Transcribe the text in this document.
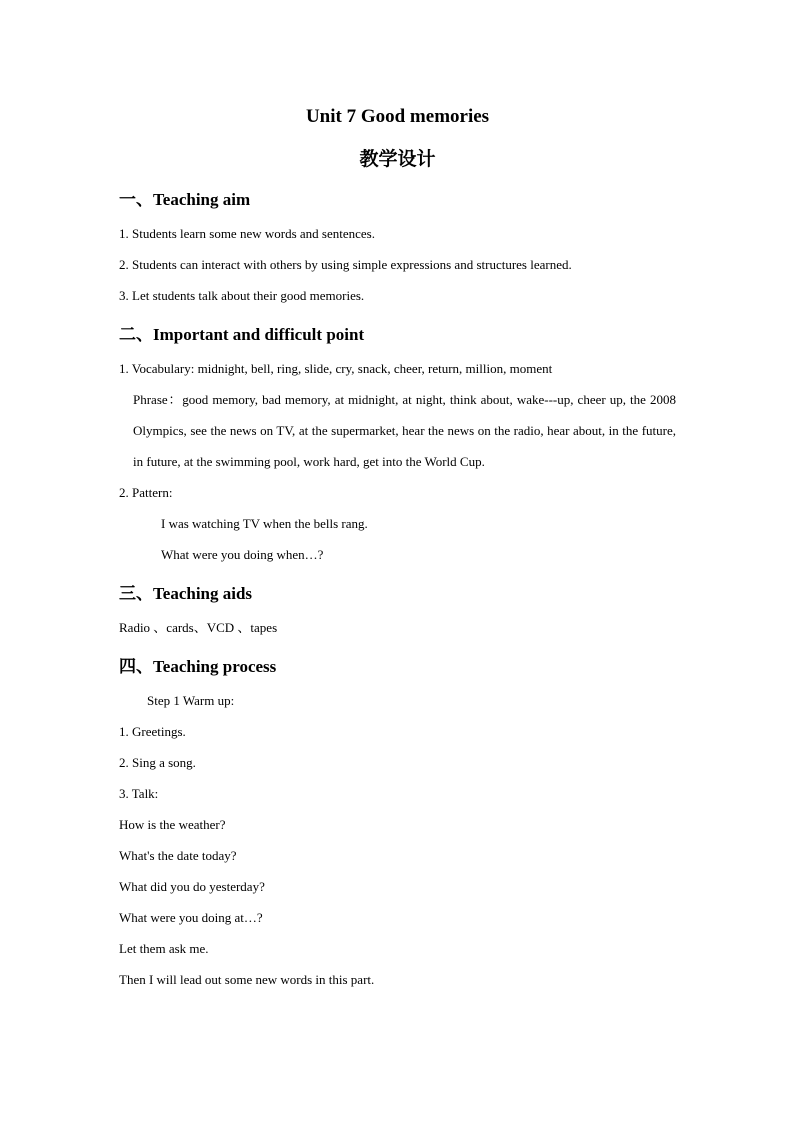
Unit 7 Good memories

教学设计

一、Teaching aim

1. Students learn some new words and sentences.

2. Students can interact with others by using simple expressions and structures learned.

3. Let students talk about their good memories.

二、Important and difficult point

1. Vocabulary: midnight, bell, ring, slide, cry, snack, cheer, return, million, moment

Phrase：good memory, bad memory, at midnight, at night, think about, wake---up, cheer up, the 2008 Olympics, see the news on TV, at the supermarket, hear the news on the radio, hear about, in the future, in future, at the swimming pool, work hard, get into the World Cup.

2. Pattern:

I was watching TV when the bells rang.

What were you doing when…?

三、Teaching aids

Radio 、cards、VCD 、tapes

四、Teaching process

Step 1 Warm up:

1. Greetings.

2. Sing a song.

3. Talk:

How is the weather?

What's the date today?

What did you do yesterday?

What were you doing at…?

Let them ask me.

Then I will lead out some new words in this part.
